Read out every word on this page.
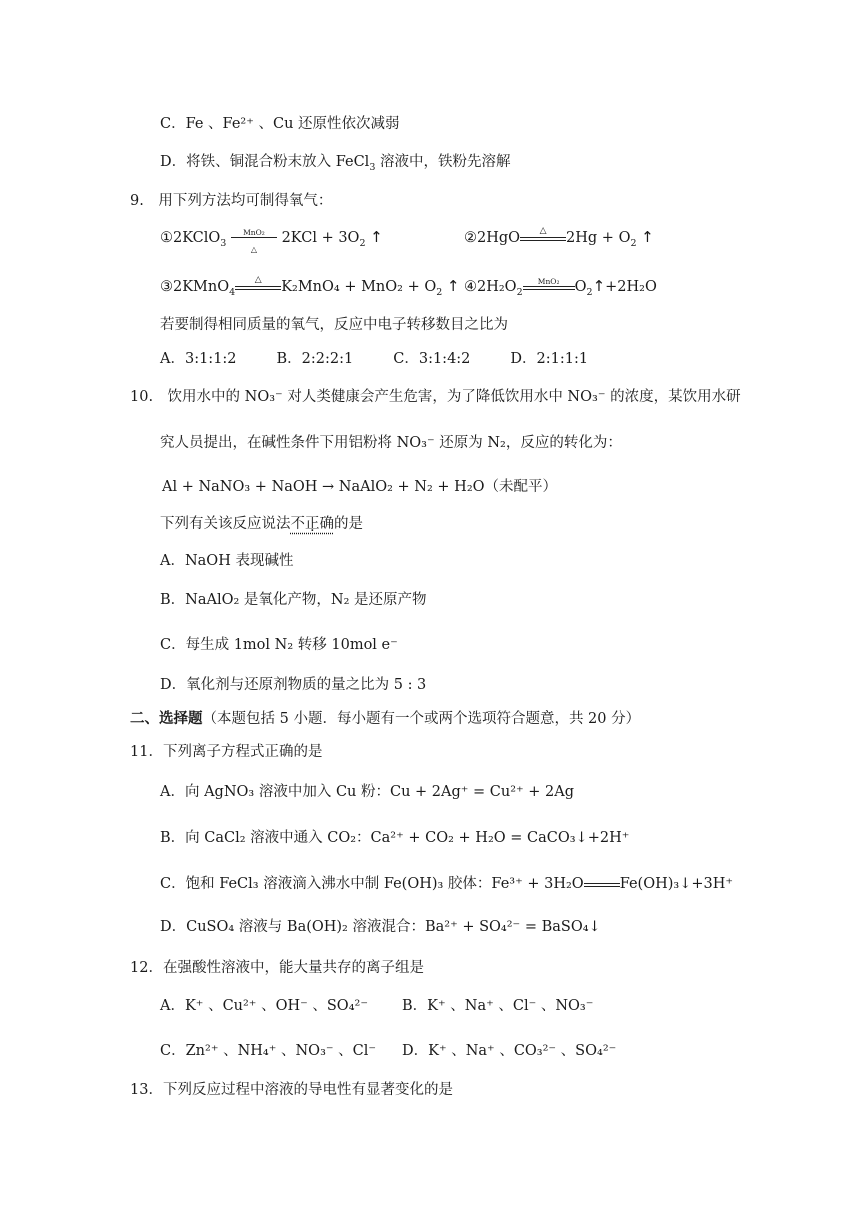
C．Fe 、Fe²⁺ 、Cu 还原性依次减弱
D．将铁、铜混合粉末放入 FeCl$_3$ 溶液中，铁粉先溶解
9.　用下列方法均可制得氧气：
①2KClO$_3$
MnO₂
△
$2KCl + 3O_2$ ↑	②2HgO	△	$2Hg + O_2$ ↑
③2KMnO$_4$
△	$K_2MnO_4 + MnO_2 + O_2$ ↑ $④2H_2O_2$
MnO₂	$O_2↑+2H_2O$
若要制得相同质量的氧气，反应中电子转移数目之比为
A．3:1:1:2	B．2:2:2:1	C．3:1:4:2	D．2:1:1:1
10.　饮用水中的 NO₃⁻ 对人类健康会产生危害，为了降低饮用水中 NO₃⁻ 的浓度，某饮用水研
究人员提出，在碱性条件下用铝粉将 NO₃⁻ 还原为 N₂，反应的转化为：
Al + NaNO₃ + NaOH → NaAlO₂ + N₂ + H₂O（未配平）
下列有关该反应说法不正确的是
A．NaOH 表现碱性
B．NaAlO₂ 是氧化产物，N₂ 是还原产物
C．每生成 1mol N₂ 转移 10mol e⁻
D．氧化剂与还原剂物质的量之比为 5 : 3
二、选择题（本题包括 5 小题．每小题有一个或两个选项符合题意，共 20 分）
11．下列离子方程式正确的是
A．向 AgNO₃ 溶液中加入 Cu 粉：Cu + 2Ag⁺ = Cu²⁺ + 2Ag
B．向 CaCl₂ 溶液中通入 CO₂：Ca²⁺ + CO₂ + H₂O = CaCO₃↓+2H⁺
C．饱和 FeCl₃ 溶液滴入沸水中制 Fe(OH)₃ 胶体：Fe³⁺ + 3H₂O Fe(OH)₃↓+3H⁺
D．CuSO₄ 溶液与 Ba(OH)₂ 溶液混合：Ba²⁺ + SO₄²⁻ = BaSO₄↓
12．在强酸性溶液中，能大量共存的离子组是
A．K⁺ 、Cu²⁺ 、OH⁻ 、SO₄²⁻ B．K⁺ 、Na⁺ 、Cl⁻ 、NO₃⁻
C．Zn²⁺ 、NH₄⁺ 、NO₃⁻ 、Cl⁻ D．K⁺ 、Na⁺ 、CO₃²⁻ 、SO₄²⁻
13．下列反应过程中溶液的导电性有显著变化的是
